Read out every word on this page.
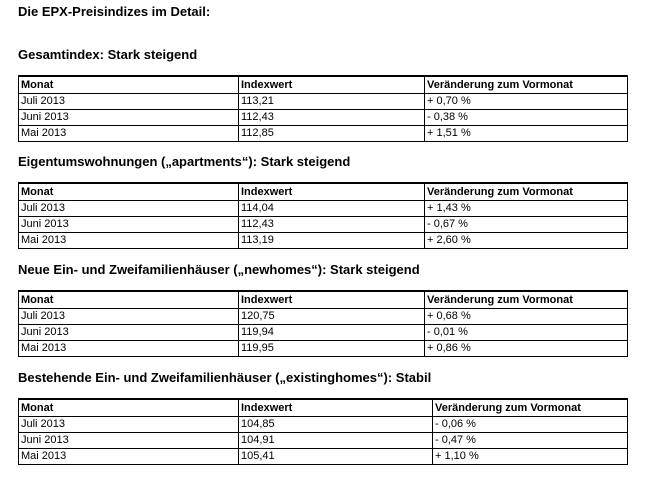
Die EPX-Preisindizes im Detail:
Gesamtindex: Stark steigend
Monat	Indexwert	Veränderung zum Vormonat
Juli 2013	113,21	+ 0,70 %
Juni 2013	112,43	- 0,38 %
Mai 2013	112,85	+ 1,51 %
Eigentumswohnungen („apartments“): Stark steigend
Monat	Indexwert	Veränderung zum Vormonat
Juli 2013	114,04	+ 1,43 %
Juni 2013	112,43	- 0,67 %
Mai 2013	113,19	+ 2,60 %
Neue Ein- und Zweifamilienhäuser („newhomes“): Stark steigend
Monat	Indexwert	Veränderung zum Vormonat
Juli 2013	120,75	+ 0,68 %
Juni 2013	119,94	- 0,01 %
Mai 2013	119,95	+ 0,86 %
Bestehende Ein- und Zweifamilienhäuser („existinghomes“): Stabil
Monat	Indexwert	Veränderung zum Vormonat
Juli 2013	104,85	- 0,06 %
Juni 2013	104,91	- 0,47 %
Mai 2013	105,41	+ 1,10 %
